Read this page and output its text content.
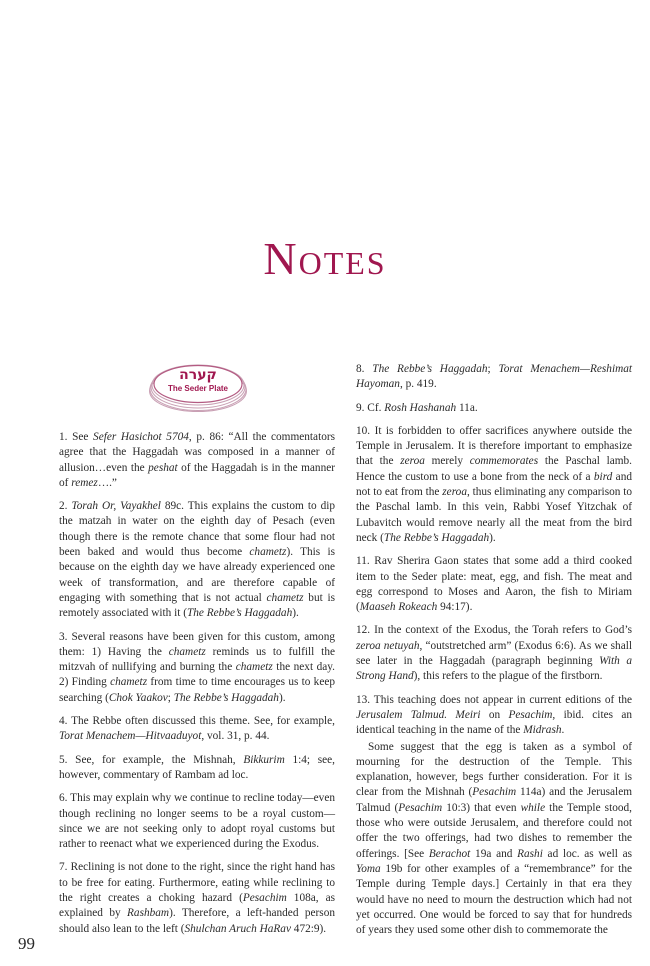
Notes
קערה
The Seder Plate

1. See Sefer Hasichot 5704, p. 86: “All the commentators agree that the Haggadah was composed in a manner of allusion…even the peshat of the Haggadah is in the manner of remez….”

2. Torah Or, Vayakhel 89c. This explains the custom to dip the matzah in water on the eighth day of Pesach (even though there is the remote chance that some flour had not been baked and would thus become chametz). This is because on the eighth day we have already experienced one week of transformation, and are therefore capable of engaging with something that is not actual chametz but is remotely associated with it (The Rebbe’s Haggadah).

3. Several reasons have been given for this custom, among them: 1) Having the chametz reminds us to fulfill the mitzvah of nullifying and burning the chametz the next day. 2) Finding chametz from time to time encourages us to keep searching (Chok Yaakov; The Rebbe’s Haggadah).

4. The Rebbe often discussed this theme. See, for example, Torat Menachem—Hitvaaduyot, vol. 31, p. 44.

5. See, for example, the Mishnah, Bikkurim 1:4; see, however, commentary of Rambam ad loc.

6. This may explain why we continue to recline today—even though reclining no longer seems to be a royal custom—since we are not seeking only to adopt royal customs but rather to reenact what we experienced during the Exodus.

7. Reclining is not done to the right, since the right hand has to be free for eating. Furthermore, eating while reclining to the right creates a choking hazard (Pesachim 108a, as explained by Rashbam). Therefore, a left-handed person should also lean to the left (Shulchan Aruch HaRav 472:9).

8. The Rebbe’s Haggadah; Torat Menachem—Reshimat Hayoman, p. 419.

9. Cf. Rosh Hashanah 11a.

10. It is forbidden to offer sacrifices anywhere outside the Temple in Jerusalem. It is therefore important to emphasize that the zeroa merely commemorates the Paschal lamb. Hence the custom to use a bone from the neck of a bird and not to eat from the zeroa, thus eliminating any comparison to the Paschal lamb. In this vein, Rabbi Yosef Yitzchak of Lubavitch would remove nearly all the meat from the bird neck (The Rebbe’s Haggadah).

11. Rav Sherira Gaon states that some add a third cooked item to the Seder plate: meat, egg, and fish. The meat and egg correspond to Moses and Aaron, the fish to Miriam (Maaseh Rokeach 94:17).

12. In the context of the Exodus, the Torah refers to God’s zeroa netuyah, “outstretched arm” (Exodus 6:6). As we shall see later in the Haggadah (paragraph beginning With a Strong Hand), this refers to the plague of the firstborn.

13. This teaching does not appear in current editions of the Jerusalem Talmud. Meiri on Pesachim, ibid. cites an identical teaching in the name of the Midrash.

Some suggest that the egg is taken as a symbol of mourning for the destruction of the Temple. This explanation, however, begs further consideration. For it is clear from the Mishnah (Pesachim 114a) and the Jerusalem Talmud (Pesachim 10:3) that even while the Temple stood, those who were outside Jerusalem, and therefore could not offer the two offerings, had two dishes to remember the offerings. [See Berachot 19a and Rashi ad loc. as well as Yoma 19b for other examples of a “remembrance” for the Temple during Temple days.] Certainly in that era they would have no need to mourn the destruction which had not yet occurred. One would be forced to say that for hundreds of years they used some other dish to commemorate the

99
